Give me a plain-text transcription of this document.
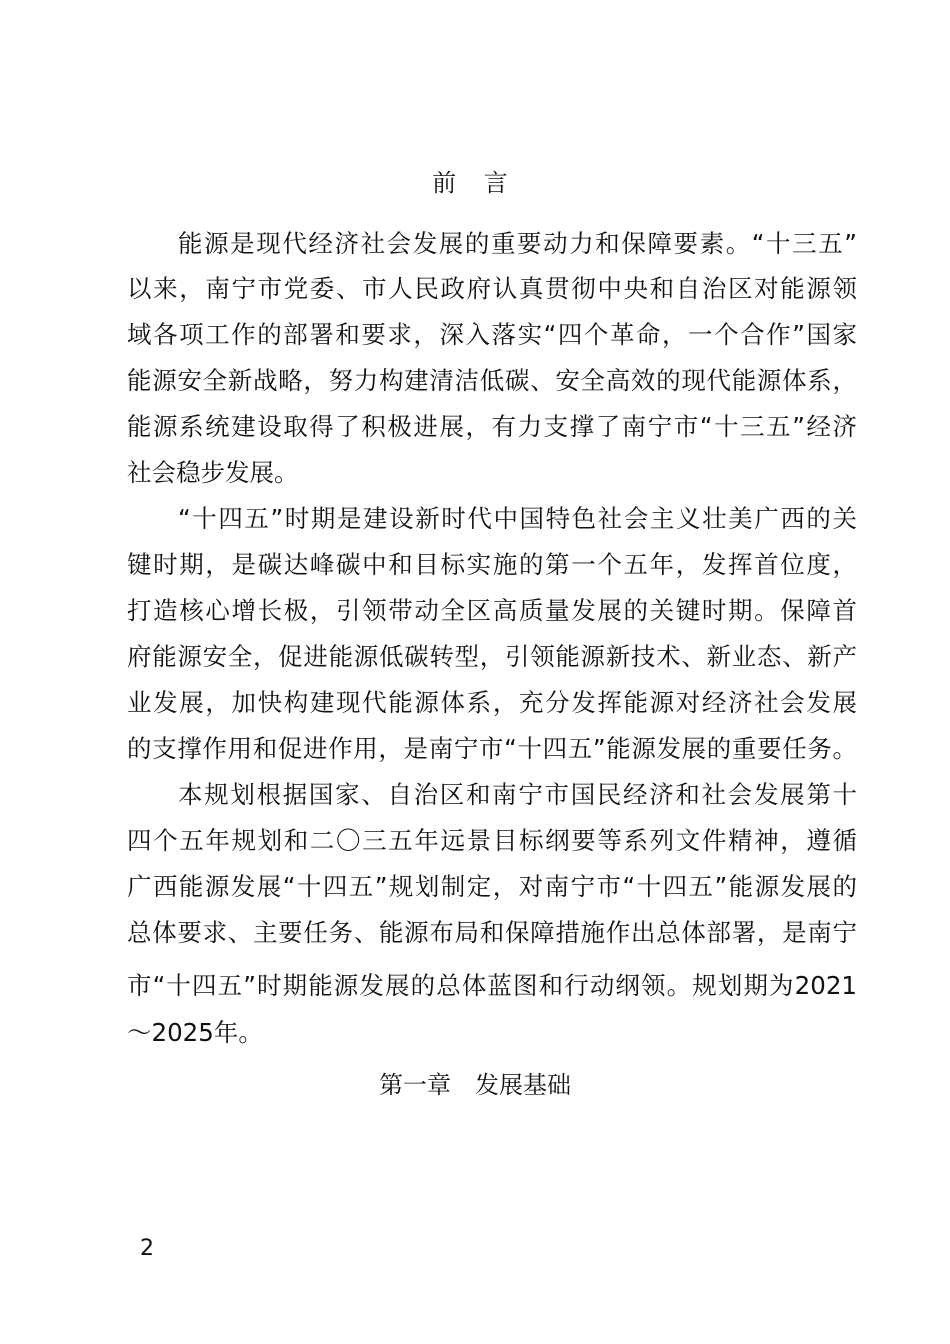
前 言
能源是现代经济社会发展的重要动力和保障要素。“十三五”
以来，南宁市党委、市人民政府认真贯彻中央和自治区对能源领
域各项工作的部署和要求，深入落实“四个革命，一个合作”国家
能源安全新战略，努力构建清洁低碳、安全高效的现代能源体系，
能源系统建设取得了积极进展，有力支撑了南宁市“十三五”经济
社会稳步发展。
“十四五”时期是建设新时代中国特色社会主义壮美广西的关
键时期，是碳达峰碳中和目标实施的第一个五年，发挥首位度，
打造核心增长极，引领带动全区高质量发展的关键时期。保障首
府能源安全，促进能源低碳转型，引领能源新技术、新业态、新产
业发展，加快构建现代能源体系，充分发挥能源对经济社会发展
的支撑作用和促进作用，是南宁市“十四五”能源发展的重要任务。
本规划根据国家、自治区和南宁市国民经济和社会发展第十
四个五年规划和二〇三五年远景目标纲要等系列文件精神，遵循
广西能源发展“十四五”规划制定，对南宁市“十四五”能源发展的
总体要求、主要任务、能源布局和保障措施作出总体部署，是南宁
市“十四五”时期能源发展的总体蓝图和行动纲领。规划期为2021
～2025年。
第一章　发展基础
2
